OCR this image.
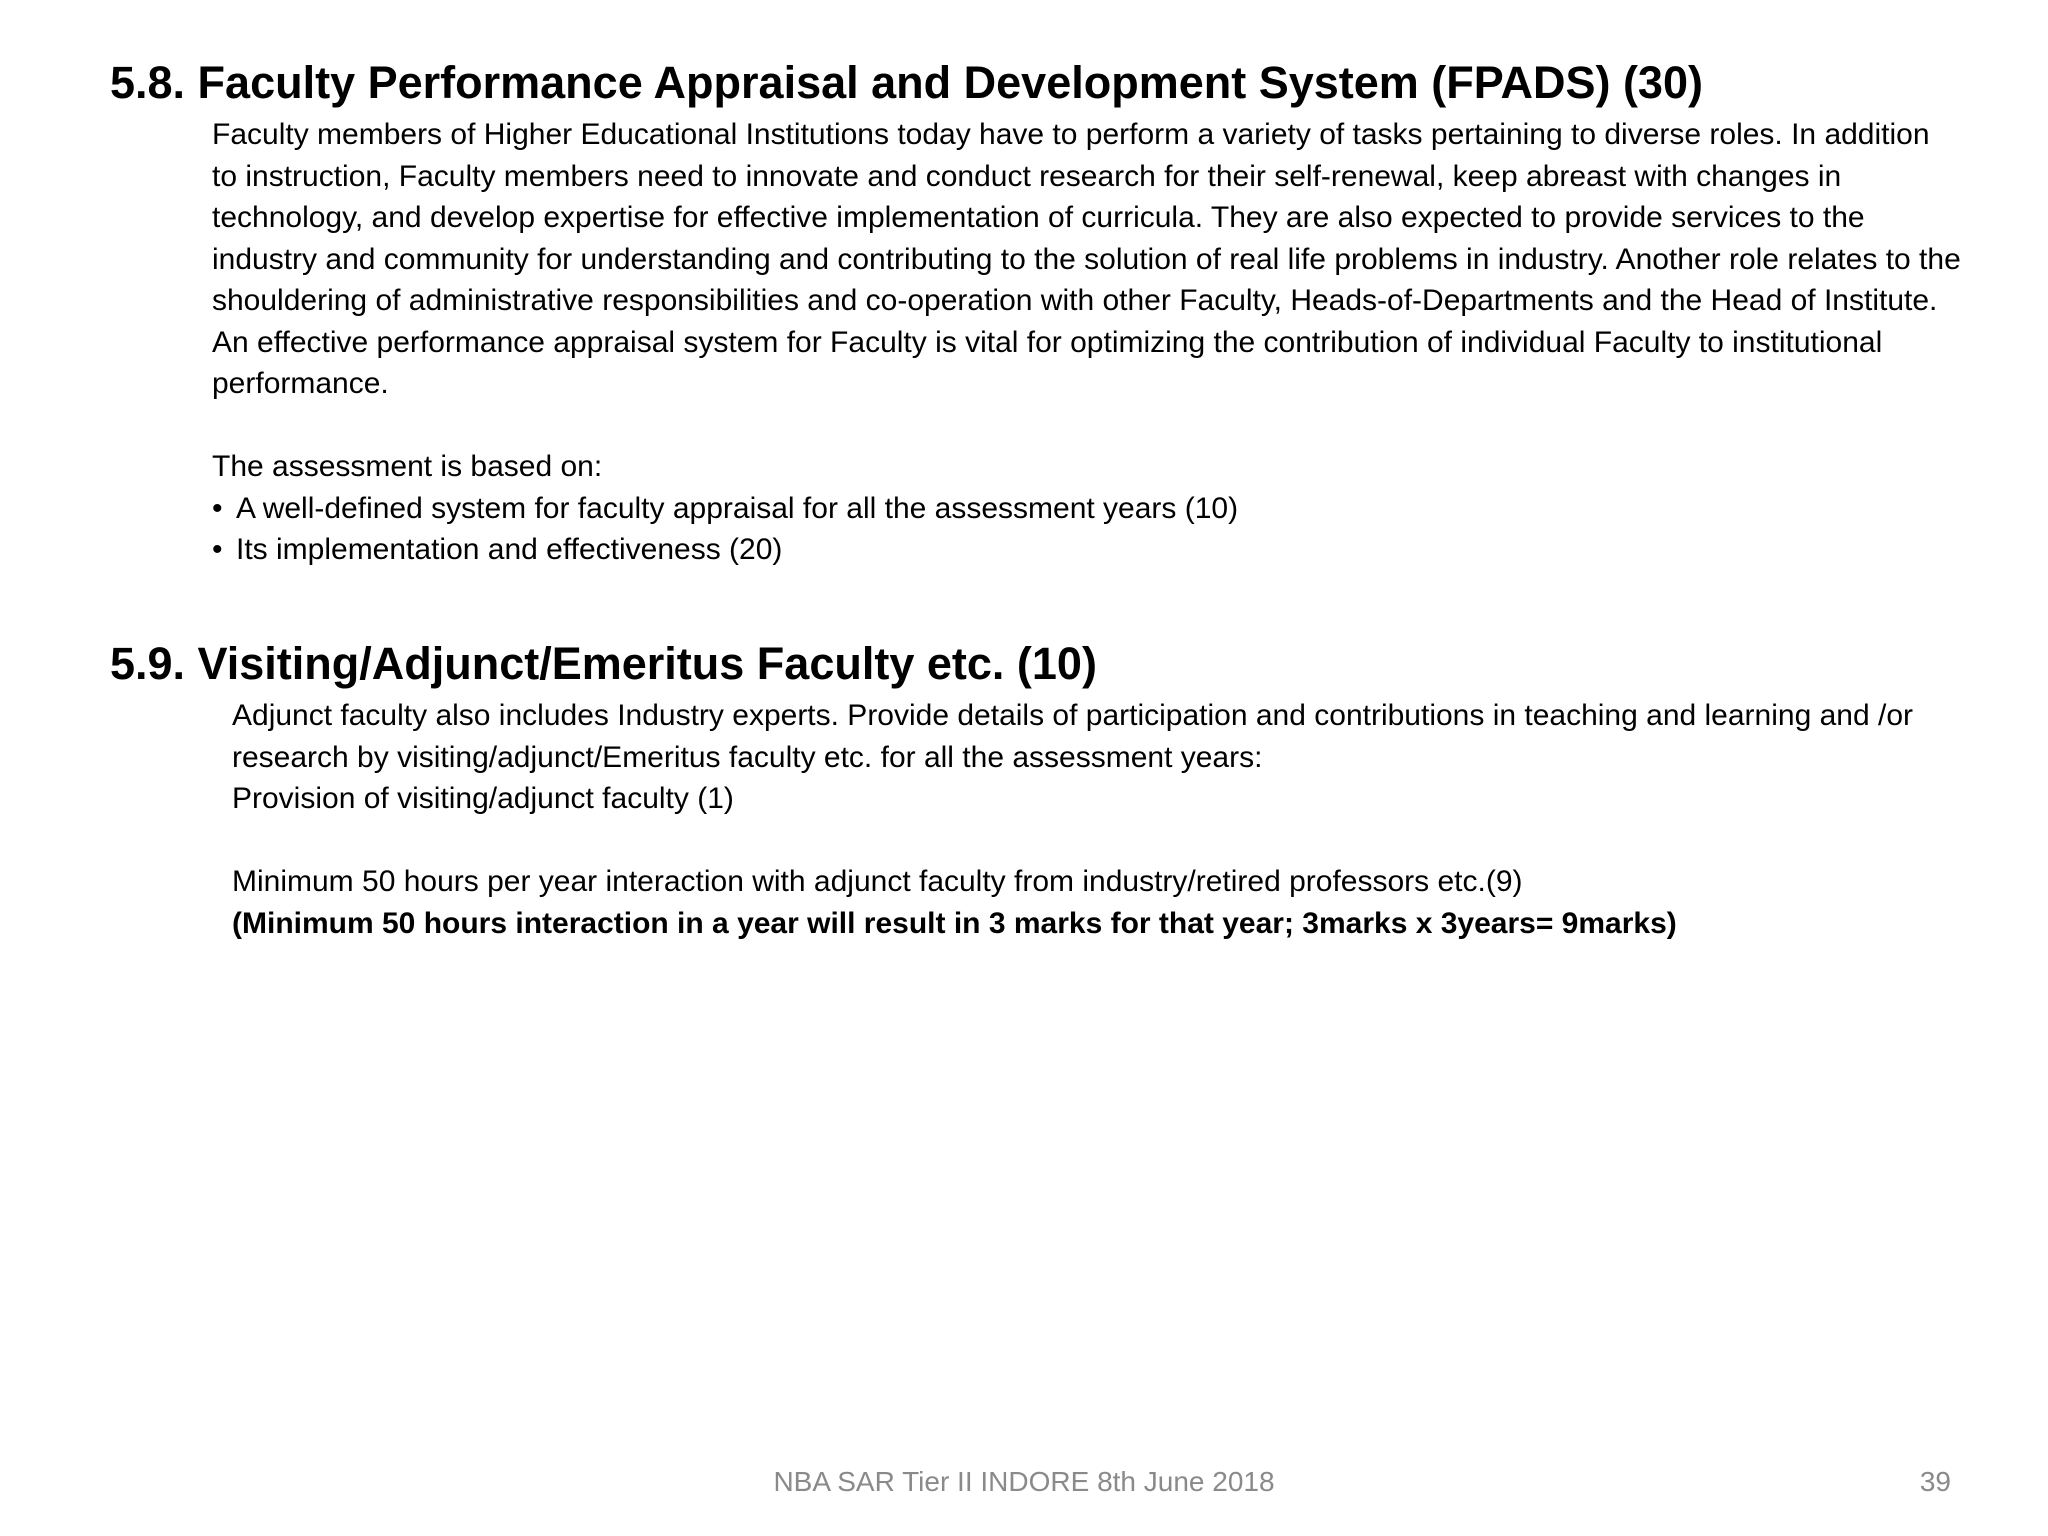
5.8. Faculty Performance Appraisal and Development System (FPADS) (30)

Faculty members of Higher Educational Institutions today have to perform a variety of tasks pertaining to diverse roles. In addition to instruction, Faculty members need to innovate and conduct research for their self-renewal, keep abreast with changes in technology, and develop expertise for effective implementation of curricula. They are also expected to provide services to the industry and community for understanding and contributing to the solution of real life problems in industry. Another role relates to the shouldering of administrative responsibilities and co-operation with other Faculty, Heads-of-Departments and the Head of Institute. An effective performance appraisal system for Faculty is vital for optimizing the contribution of individual Faculty to institutional performance.

The assessment is based on:

• A well-defined system for faculty appraisal for all the assessment years (10)
• Its implementation and effectiveness (20)
5.9. Visiting/Adjunct/Emeritus Faculty etc. (10)

Adjunct faculty also includes Industry experts. Provide details of participation and contributions in teaching and learning and /or research by visiting/adjunct/Emeritus faculty etc. for all the assessment years:

Provision of visiting/adjunct faculty (1)

Minimum 50 hours per year interaction with adjunct faculty from industry/retired professors etc.(9)

(Minimum 50 hours interaction in a year will result in 3 marks for that year; 3marks x 3years= 9marks)

NBA SAR Tier II INDORE 8th June 2018	39
